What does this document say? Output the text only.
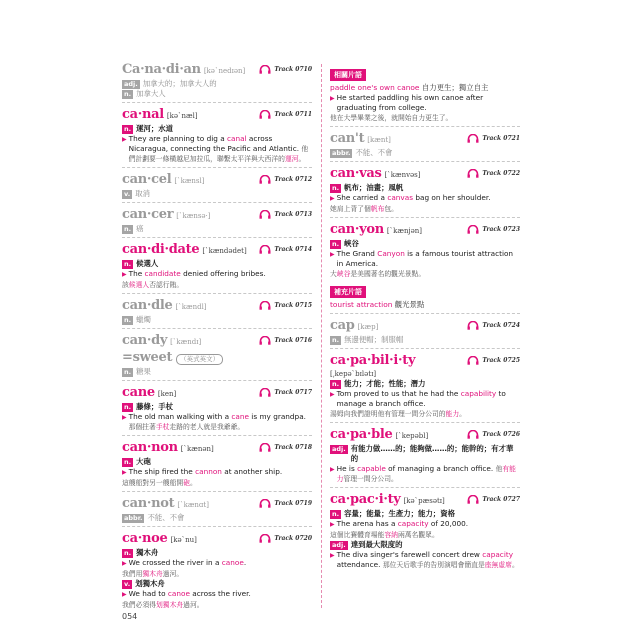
Ca·na·di·an [kə`nedɪən]	Track 0710
adj. 加拿大的；加拿大人的
n. 加拿大人
ca·nal [kə`næl]	Track 0711
n. 運河；水道
▶ They are planning to dig a canal across Nicaragua, connecting the Pacific and Atlantic. 他們計劃要一條橫越尼加拉瓜，聯繫太平洋與大西洋的運河。
can·cel [`kænsl]	Track 0712
v. 取消
can·cer [`kænsə·]	Track 0713
n. 癌
can·di·date [`kændədet]	Track 0714
n. 候選人
▶ The candidate denied offering bribes.
該候選人否認行賄。
can·dle [`kændl]	Track 0715
n. 蠟燭
can·dy [`kændɪ]	Track 0716
=sweet	（英式英文）
n. 糖果
cane [ken]	Track 0717
n. 藤條；手杖
▶ The old man walking with a cane is my grandpa. 那個拄著手杖走路的老人就是我爺爺。
can·non [`kænən]	Track 0718
n. 大砲
▶ The ship fired the cannon at another ship.
這艘船對另一艘船開砲。
can·not [`kænɑt]	Track 0719
abbr. 不能、不會
ca·noe [kə`nu]	Track 0720
n. 獨木舟
▶ We crossed the river in a canoe.
我們用獨木舟過河。
v. 划獨木舟
▶ We had to canoe across the river.
我們必須得划獨木舟過河。
相關片語
paddle one's own canoe 自力更生；獨立自主
▶ He started paddling his own canoe after graduating from college.
他在大學畢業之後，就開始自力更生了。
can't [kænt]	Track 0721
abbr. 不能、不會
can·vas [`kænvəs]	Track 0722
n. 帆布；油畫；風帆
▶ She carried a canvas bag on her shoulder.
她肩上背了個帆布包。
can·yon [`kænjən]	Track 0723
n. 峽谷
▶ The Grand Canyon is a famous tourist attraction in America.
大峽谷是美國著名的觀光景點。
補充片語
tourist attraction 觀光景點
cap [kæp]	Track 0724
n. 無邊便帽；制服帽
ca·pa·bil·i·ty	Track 0725
[͵kepə`bɪlətɪ]
n. 能力；才能；性能；潛力
▶ Tom proved to us that he had the capability to manage a branch office.
湯姆向我們證明他有管理一間分公司的能力。
ca·pa·ble [`kepəbl]	Track 0726
adj. 有能力做……的；能夠做……的；能幹的；有才華的
▶ He is capable of managing a branch office. 他有能力管理一間分公司。
ca·pac·i·ty [kə`pæsətɪ]	Track 0727
n. 容量；能量；生產力；能力；資格
▶ The arena has a capacity of 20,000.
這個比賽體育場能容納兩萬名觀眾。
adj. 達到最大限度的
▶ The diva singer's farewell concert drew capacity attendance. 那位天后歌手的告別演唱會簡直是座無虛席。
054
